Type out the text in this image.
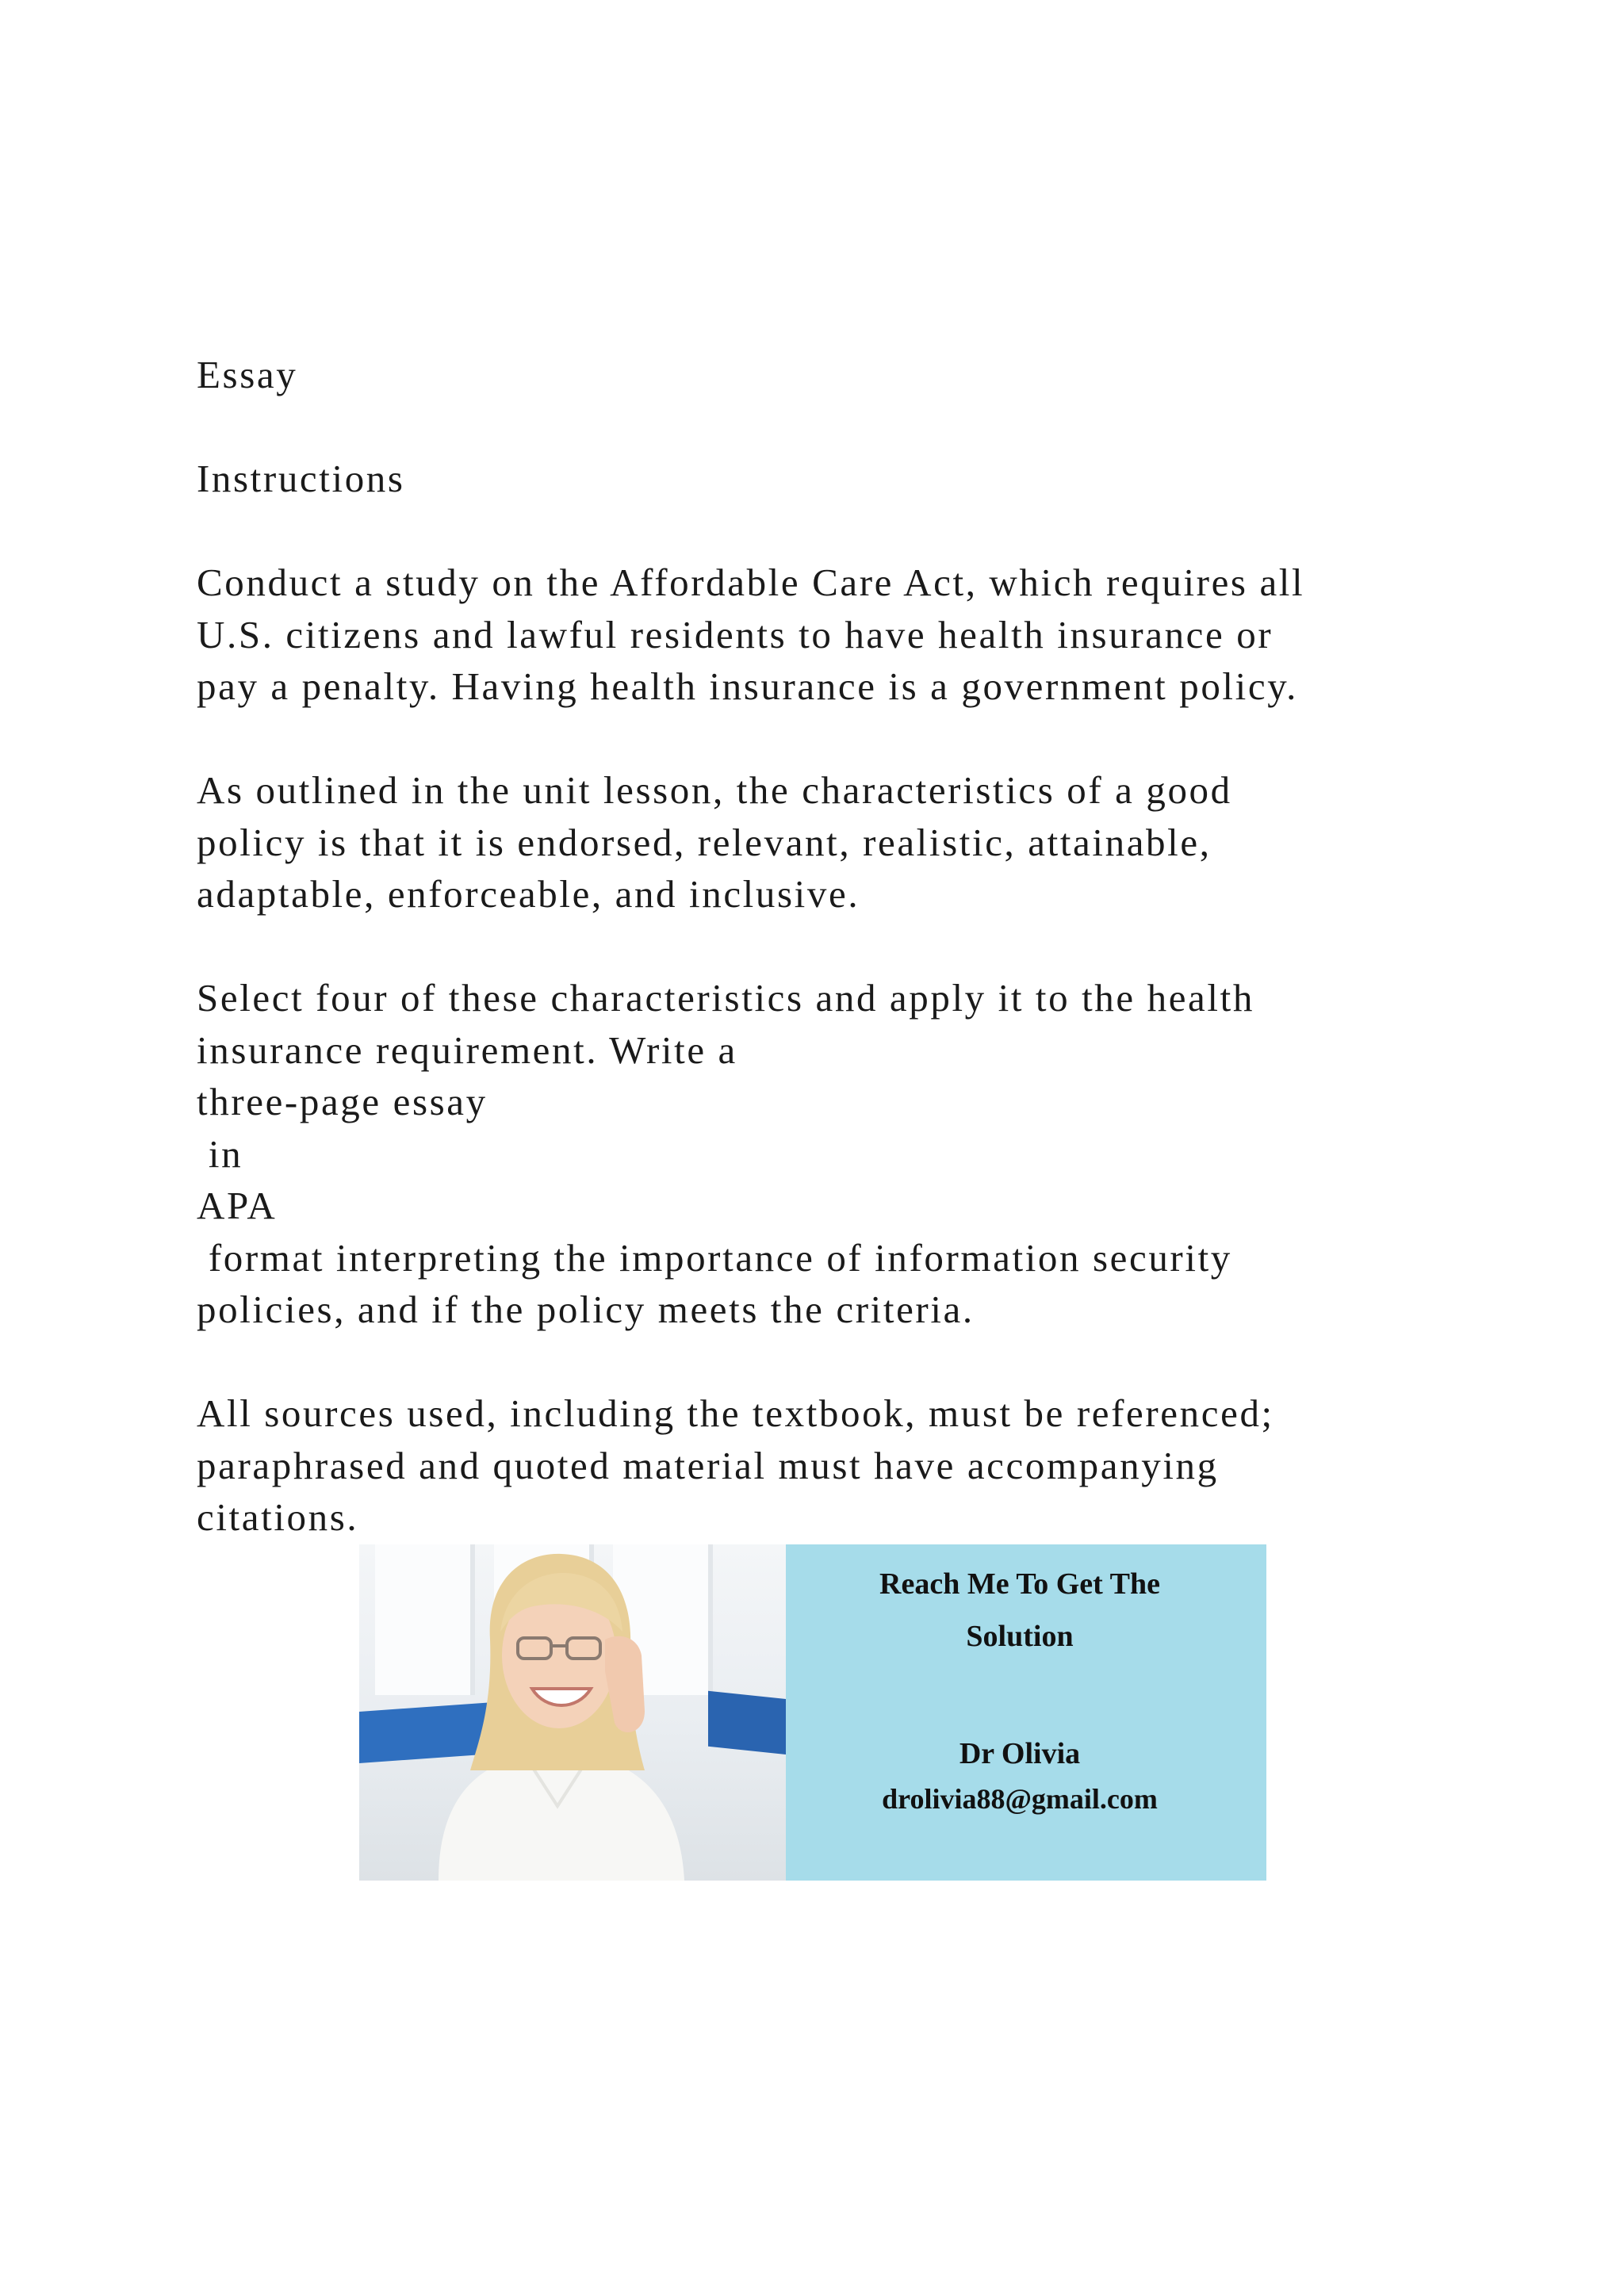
Essay
Instructions
Conduct a study on the Affordable Care Act, which requires all
U.S. citizens and lawful residents to have health insurance or
pay a penalty. Having health insurance is a government policy.
As outlined in the unit lesson, the characteristics of a good
policy is that it is endorsed, relevant, realistic, attainable,
adaptable, enforceable, and inclusive.
Select four of these characteristics and apply it to the health
insurance requirement. Write a
three-page essay
in
APA
format interpreting the importance of information security
policies, and if the policy meets the criteria.
All sources used, including the textbook, must be referenced;
paraphrased and quoted material must have accompanying
citations.
Reach Me To Get The
Solution
Dr Olivia
drolivia88@gmail.com
